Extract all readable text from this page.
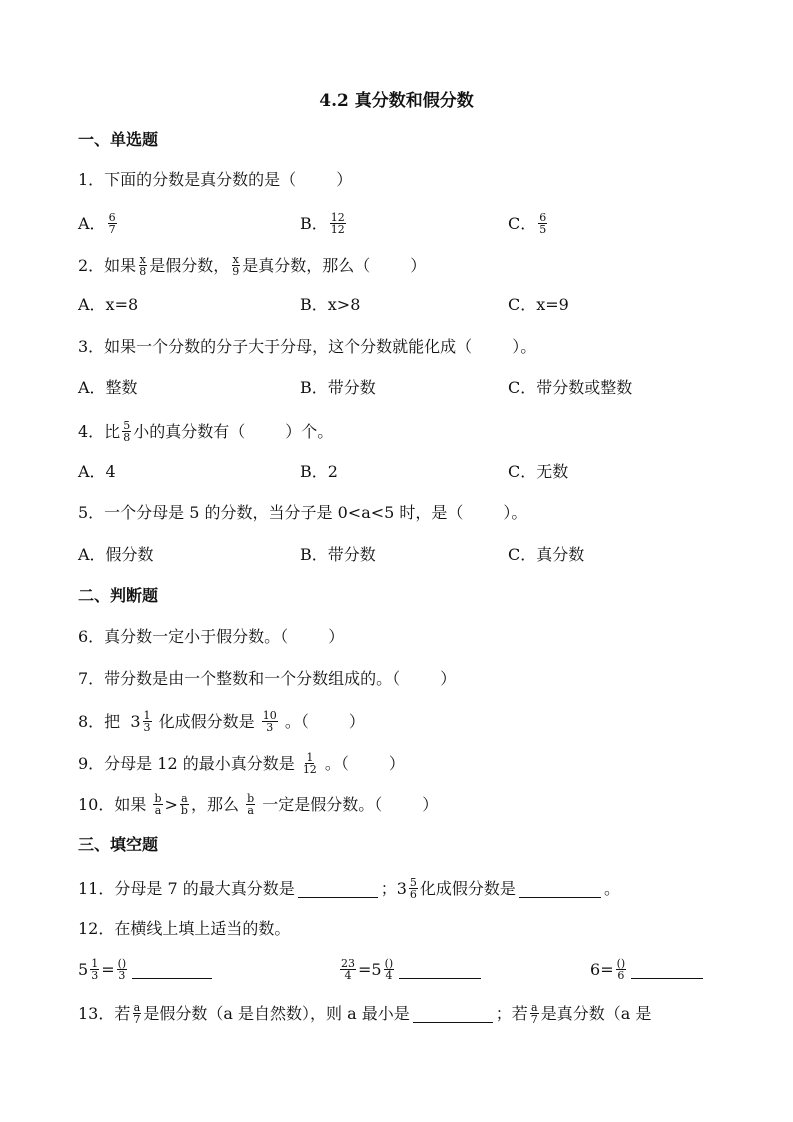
4.2 真分数和假分数
一、单选题
1．下面的分数是真分数的是（	）
A． $\frac{6}{7}$	B． $\frac{12}{12}$	C． $\frac{6}{5}$
2．如果 $\frac{x}{8}$ 是假分数， $\frac{x}{9}$ 是真分数，那么（	）
A．x=8	B．x>8	C．x=9
3．如果一个分数的分子大于分母，这个分数就能化成（	）。
A．整数	B．带分数	C．带分数或整数
4．比 $\frac{5}{8}$ 小的真分数有（	）个。
A．4	B．2	C．无数
5．一个分母是 5 的分数，当分子是 0<a<5 时，是（	）。
A．假分数	B．带分数	C．真分数
二、判断题
6．真分数一定小于假分数。（	）
7．带分数是由一个整数和一个分数组成的。（	）
8．把
$3 \frac{1}{3}$
化成假分数是
$\frac{10}{3}$
。（	）
9．分母是 12 的最小真分数是
$\frac{1}{12}$
。（	）
10．如果
$\frac{b}{a} > \frac{a}{b}$ ，那么
$\frac{b}{a}$
一定是假分数。（	）
三、填空题
11．分母是 7 的最大真分数是	； $3 \frac{5}{6}$ 化成假分数是	。
12．在横线上填上适当的数。
$5 \frac{1}{3} = \frac{()}{3}$	$\frac{23}{4} = 5 \frac{()}{4}$	$6 = \frac{()}{6}$
13．若 $\frac{a}{7}$ 是假分数（a 是自然数），则 a 最小是	；若 $\frac{a}{7}$ 是真分数（a 是
